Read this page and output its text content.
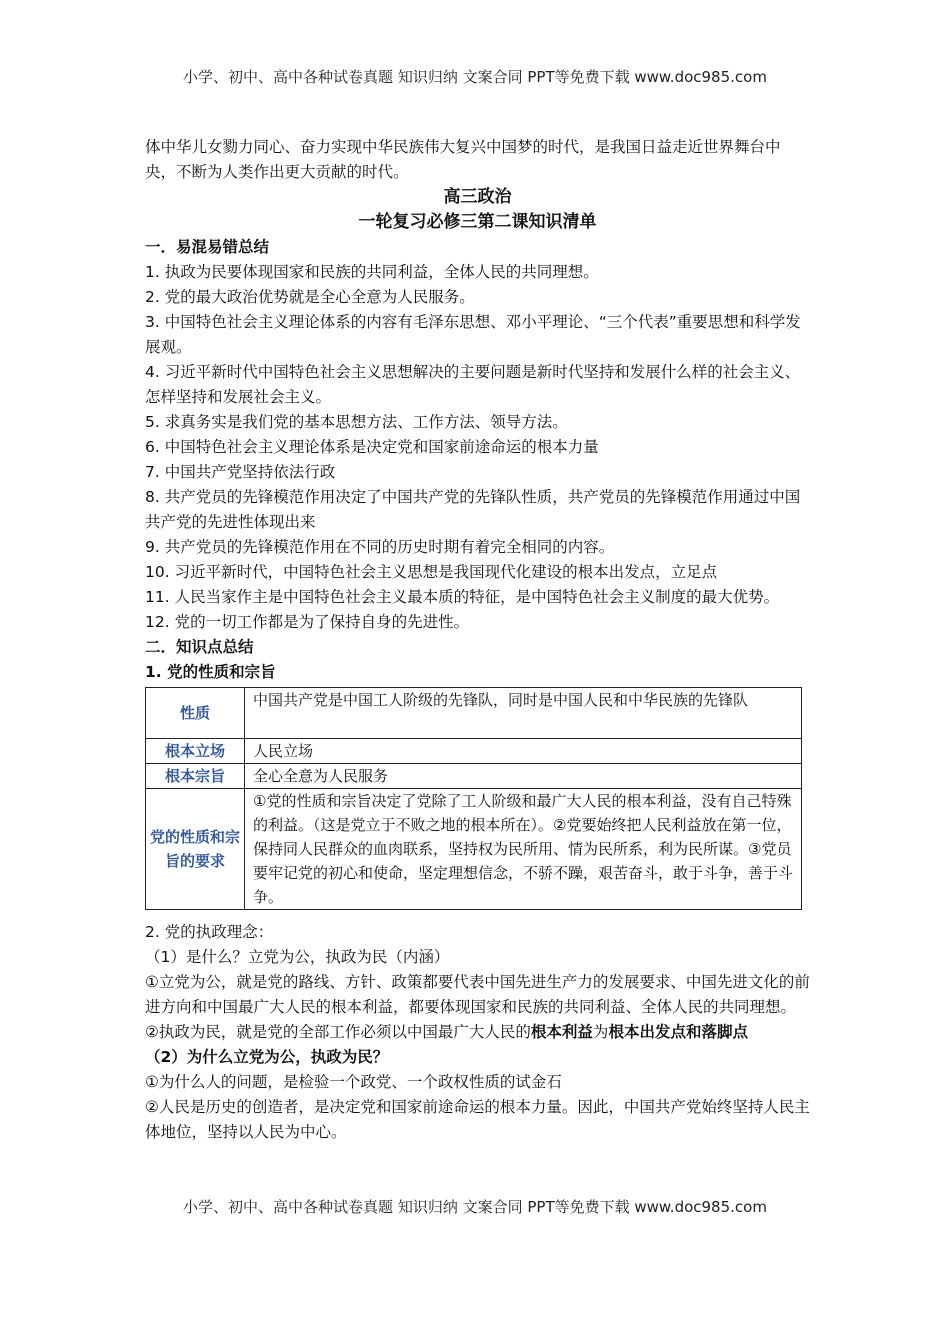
小学、初中、高中各种试卷真题 知识归纳 文案合同 PPT等免费下载 www.doc985.com

体中华儿女勠力同心、奋力实现中华民族伟大复兴中国梦的时代，是我国日益走近世界舞台中央，不断为人类作出更大贡献的时代。

高三政治

一轮复习必修三第二课知识清单

一．易混易错总结

1. 执政为民要体现国家和民族的共同利益，全体人民的共同理想。

2. 党的最大政治优势就是全心全意为人民服务。

3. 中国特色社会主义理论体系的内容有毛泽东思想、邓小平理论、“三个代表”重要思想和科学发展观。

4. 习近平新时代中国特色社会主义思想解决的主要问题是新时代坚持和发展什么样的社会主义、怎样坚持和发展社会主义。

5. 求真务实是我们党的基本思想方法、工作方法、领导方法。

6. 中国特色社会主义理论体系是决定党和国家前途命运的根本力量

7. 中国共产党坚持依法行政

8. 共产党员的先锋模范作用决定了中国共产党的先锋队性质，共产党员的先锋模范作用通过中国共产党的先进性体现出来

9. 共产党员的先锋模范作用在不同的历史时期有着完全相同的内容。

10. 习近平新时代，中国特色社会主义思想是我国现代化建设的根本出发点，立足点

11. 人民当家作主是中国特色社会主义最本质的特征，是中国特色社会主义制度的最大优势。

12. 党的一切工作都是为了保持自身的先进性。

二．知识点总结

1. 党的性质和宗旨

性质	中国共产党是中国工人阶级的先锋队，同时是中国人民和中华民族的先锋队
根本立场	人民立场
根本宗旨	全心全意为人民服务
党的性质和宗旨的要求	①党的性质和宗旨决定了党除了工人阶级和最广大人民的根本利益，没有自己特殊的利益。（这是党立于不败之地的根本所在）。②党要始终把人民利益放在第一位，保持同人民群众的血肉联系，坚持权为民所用、情为民所系，利为民所谋。③党员要牢记党的初心和使命，坚定理想信念，不骄不躁，艰苦奋斗，敢于斗争，善于斗争。

2. 党的执政理念：

（1）是什么？立党为公，执政为民（内涵）

①立党为公，就是党的路线、方针、政策都要代表中国先进生产力的发展要求、中国先进文化的前进方向和中国最广大人民的根本利益，都要体现国家和民族的共同利益、全体人民的共同理想。

②执政为民，就是党的全部工作必须以中国最广大人民的根本利益为根本出发点和落脚点

（2）为什么立党为公，执政为民？

①为什么人的问题，是检验一个政党、一个政权性质的试金石

②人民是历史的创造者，是决定党和国家前途命运的根本力量。因此，中国共产党始终坚持人民主体地位，坚持以人民为中心。

小学、初中、高中各种试卷真题 知识归纳 文案合同 PPT等免费下载 www.doc985.com
